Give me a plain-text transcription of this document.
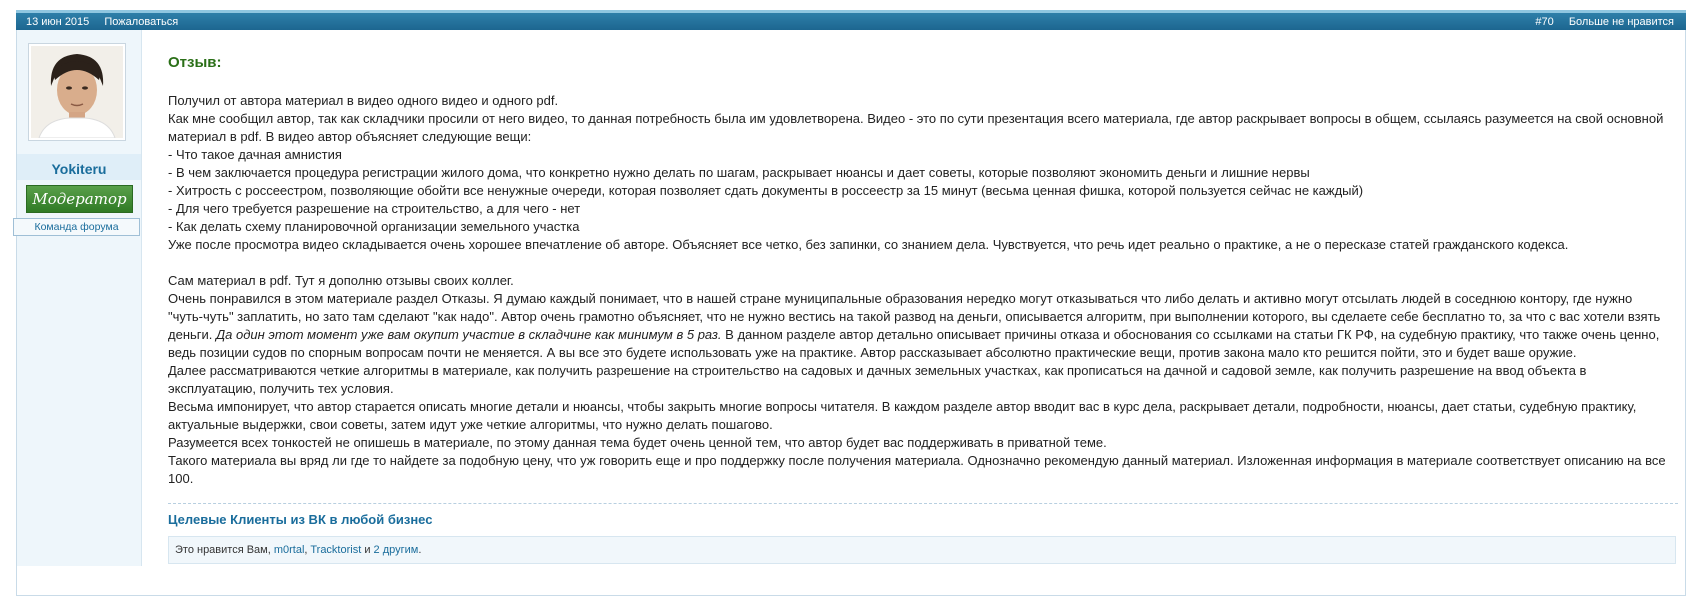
13 июн 2015 Пожаловаться	#70 Больше не нравится
Yokiteru
Модератор
Команда форума
Отзыв:

Получил от автора материал в видео одного видео и одного pdf.

Как мне сообщил автор, так как складчики просили от него видео, то данная потребность была им удовлетворена. Видео - это по сути презентация всего материала, где автор раскрывает вопросы в общем, ссылаясь разумеется на свой основной материал в pdf. В видео автор объясняет следующие вещи:

- Что такое дачная амнистия

- В чем заключается процедура регистрации жилого дома, что конкретно нужно делать по шагам, раскрывает нюансы и дает советы, которые позволяют экономить деньги и лишние нервы

- Хитрость с россеестром, позволяющие обойти все ненужные очереди, которая позволяет сдать документы в россеестр за 15 минут (весьма ценная фишка, которой пользуется сейчас не каждый)

- Для чего требуется разрешение на строительство, а для чего - нет

- Как делать схему планировочной организации земельного участка

Уже после просмотра видео складывается очень хорошее впечатление об авторе. Объясняет все четко, без запинки, со знанием дела. Чувствуется, что речь идет реально о практике, а не о пересказе статей гражданского кодекса.

Сам материал в pdf. Тут я дополню отзывы своих коллег.

Очень понравился в этом материале раздел Отказы. Я думаю каждый понимает, что в нашей стране муниципальные образования нередко могут отказываться что либо делать и активно могут отсылать людей в соседнюю контору, где нужно "чуть-чуть" заплатить, но зато там сделают "как надо". Автор очень грамотно объясняет, что не нужно вестись на такой развод на деньги, описывается алгоритм, при выполнении которого, вы сделаете себе бесплатно то, за что с вас хотели взять деньги. Да один этот момент уже вам окупит участие в складчине как минимум в 5 раз. В данном разделе автор детально описывает причины отказа и обоснования со ссылками на статьи ГК РФ, на судебную практику, что также очень ценно, ведь позиции судов по спорным вопросам почти не меняется. А вы все это будете использовать уже на практике. Автор рассказывает абсолютно практические вещи, против закона мало кто решится пойти, это и будет ваше оружие.

Далее рассматриваются четкие алгоритмы в материале, как получить разрешение на строительство на садовых и дачных земельных участках, как прописаться на дачной и садовой земле, как получить разрешение на ввод объекта в эксплуатацию, получить тех условия.

Весьма импонирует, что автор старается описать многие детали и нюансы, чтобы закрыть многие вопросы читателя. В каждом разделе автор вводит вас в курс дела, раскрывает детали, подробности, нюансы, дает статьи, судебную практику, актуальные выдержки, свои советы, затем идут уже четкие алгоритмы, что нужно делать пошагово.

Разумеется всех тонкостей не опишешь в материале, по этому данная тема будет очень ценной тем, что автор будет вас поддерживать в приватной теме.

Такого материала вы вряд ли где то найдете за подобную цену, что уж говорить еще и про поддержку после получения материала. Однозначно рекомендую данный материал. Изложенная информация в материале соответствует описанию на все 100.

Целевые Клиенты из ВК в любой бизнес
Это нравится Вам, m0rtal, Tracktorist и 2 другим.
